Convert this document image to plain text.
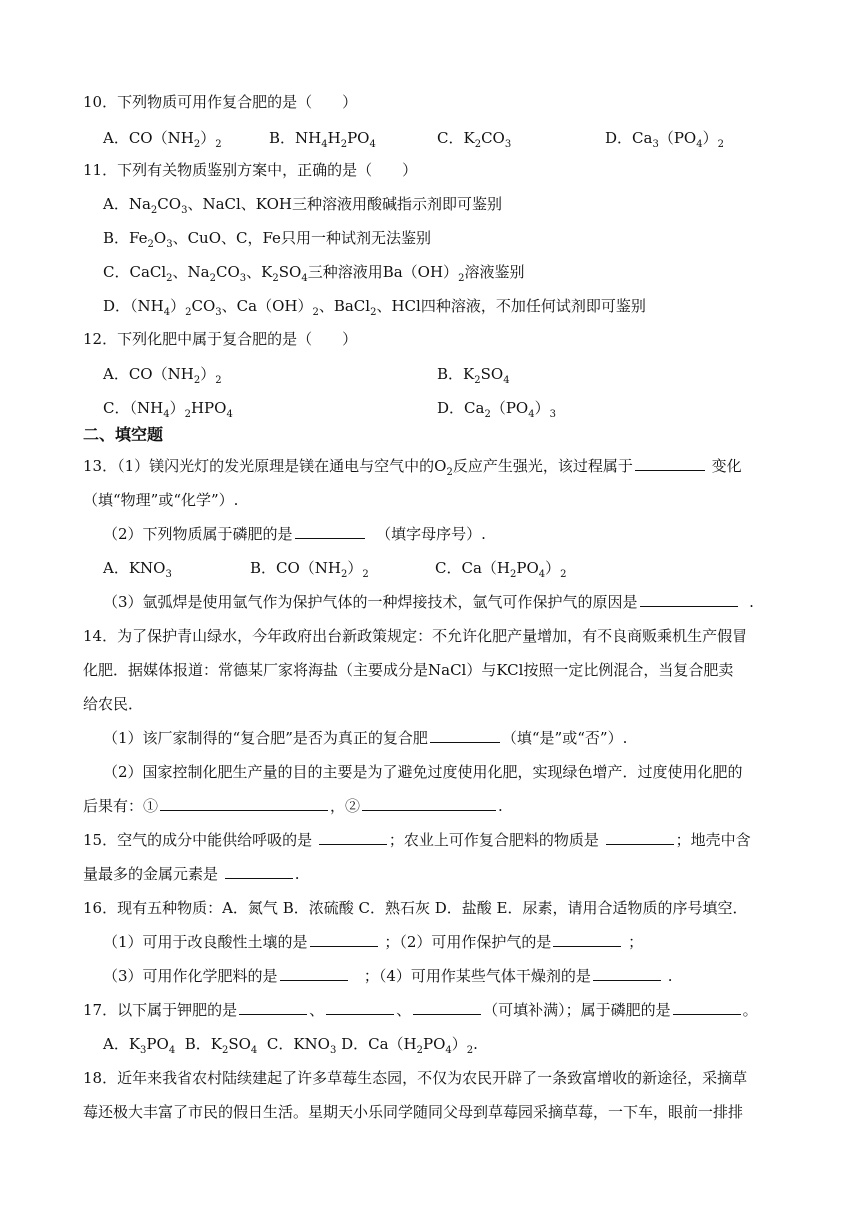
10．下列物质可用作复合肥的是（　　）
A．$CO(NH_2)_2$	B．$NH_4H_2PO_4$	C．$K_2CO_3$	D．$Ca_3(PO_4)_2$
11．下列有关物质鉴别方案中，正确的是（　　）
A．$Na_2CO_3$、NaCl、KOH三种溶液用酸碱指示剂即可鉴别
B．$Fe_2O_3$、CuO、C，Fe只用一种试剂无法鉴别
C．CaCl$_2$、$Na_2CO_3$、$K_2SO_4$三种溶液用$Ba(OH)_2$溶液鉴别
D．$(NH_4)_2CO_3$、$Ca(OH)_2$、BaCl$_2$、HCl四种溶液，不加任何试剂即可鉴别
12．下列化肥中属于复合肥的是（　　）
A．$CO(NH_2)_2$	B．$K_2SO_4$
C．$(NH_4)_2HPO_4$	D．$Ca_2(PO_4)_3$
二、填空题
13．（1）镁闪光灯的发光原理是镁在通电与空气中的$O_2$反应产生强光，该过程属于	变化
（填“物理”或“化学”）.
（2）下列物质属于磷肥的是	（填字母序号）.
A．$KNO_3$	B．$CO(NH_2)_2$	C．$Ca(H_2PO_4)_2$
（3）氩弧焊是使用氩气作为保护气体的一种焊接技术，氩气可作保护气的原因是	.
14．为了保护青山绿水，今年政府出台新政策规定：不允许化肥产量增加，有不良商贩乘机生产假冒
化肥．据媒体报道：常德某厂家将海盐（主要成分是NaCl）与KCl按照一定比例混合，当复合肥卖
给农民．
（1）该厂家制得的“复合肥”是否为真正的复合肥	（填“是”或“否”）.
（2）国家控制化肥生产量的目的主要是为了避免过度使用化肥，实现绿色增产．过度使用化肥的
后果有：①	，②	.
15．空气的成分中能供给呼吸的是	；农业上可作复合肥料的物质是	；地壳中含
量最多的金属元素是	.
16．现有五种物质：A．氮气 B．浓硫酸 C．熟石灰 D．盐酸 E．尿素，请用合适物质的序号填空．
（1）可用于改良酸性土壤的是	；（2）可用作保护气的是	；
（3）可用作化学肥料的是	；（4）可用作某些气体干燥剂的是	.
17．以下属于钾肥的是	、	、	（可填补满）；属于磷肥的是	。
A．$K_3PO_4$ B．$K_2SO_4$ C．$KNO_3$ D．$Ca(H_2PO_4)_2$.
18．近年来我省农村陆续建起了许多草莓生态园，不仅为农民开辟了一条致富增收的新途径，采摘草
莓还极大丰富了市民的假日生活。星期天小乐同学随同父母到草莓园采摘草莓，一下车，眼前一排排
